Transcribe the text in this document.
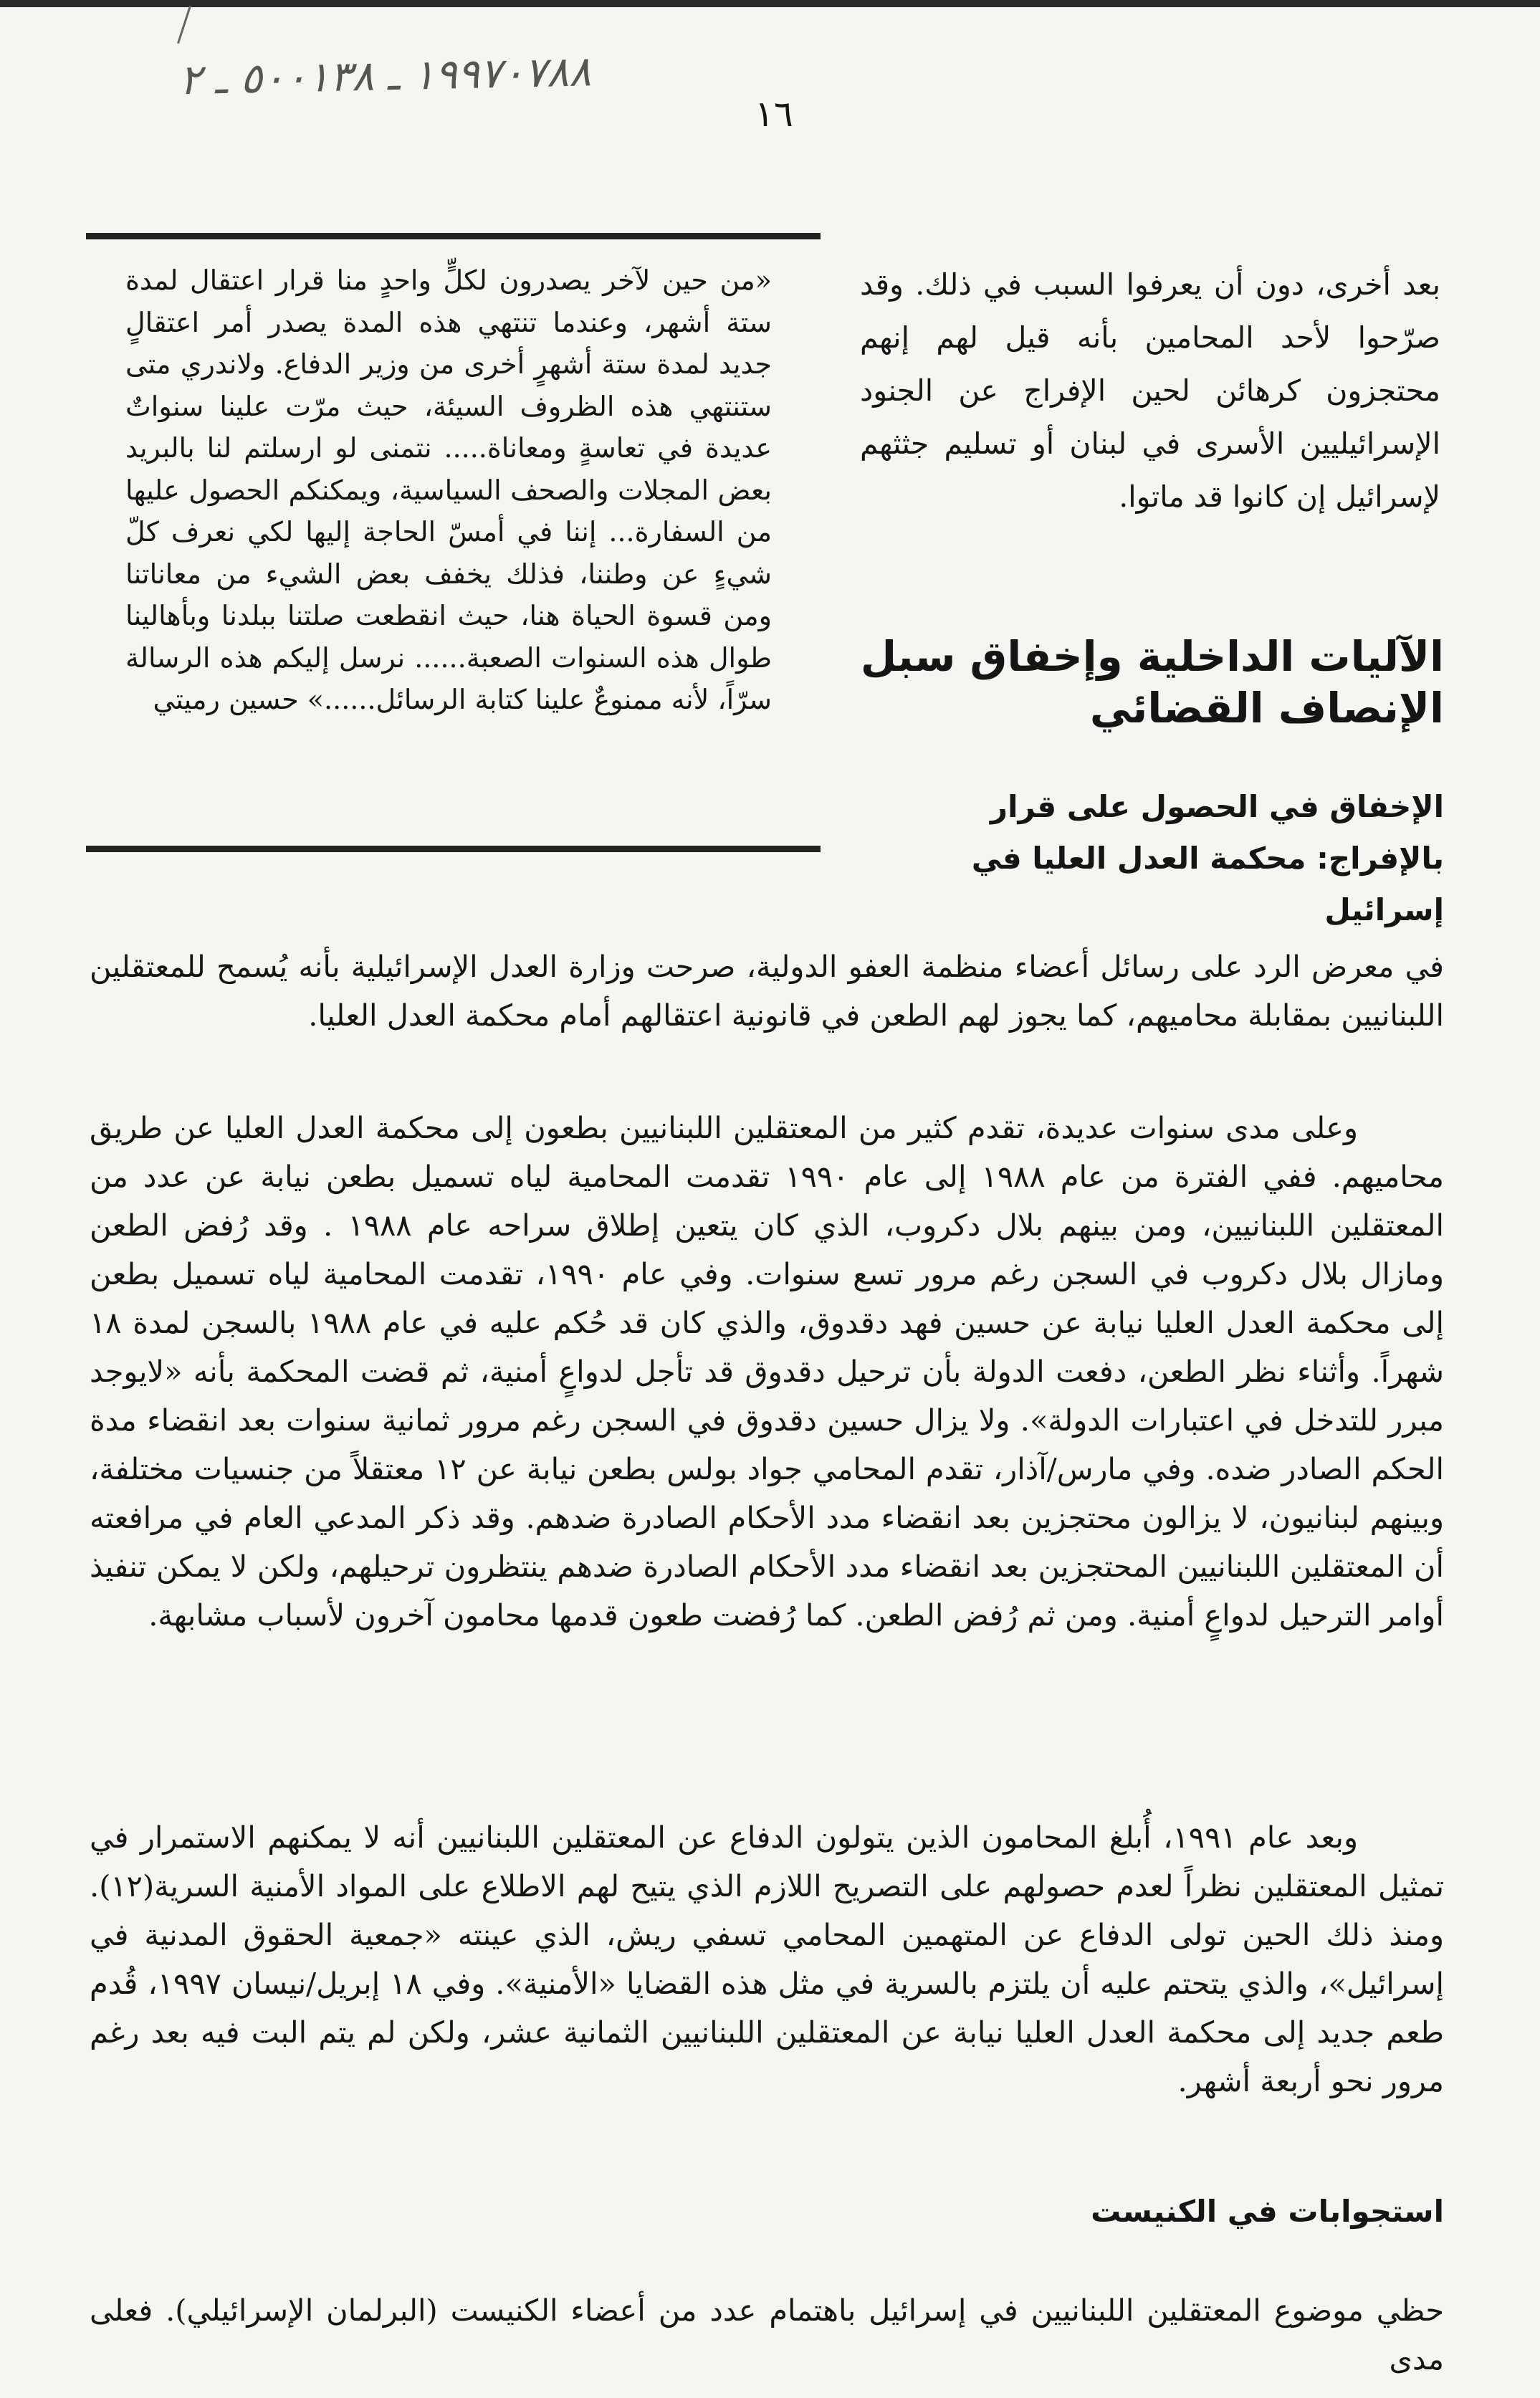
١٩٩٧٠٧٨٨ ـ ٥٠٠١٣٨ ـ ٢
١٦
بعد أخرى، دون أن يعرفوا السبب في ذلك. وقد صرّحوا لأحد المحامين بأنه قيل لهم إنهم محتجزون كرهائن لحين الإفراج عن الجنود الإسرائيليين الأسرى في لبنان أو تسليم جثثهم لإسرائيل إن كانوا قد ماتوا.
«من حين لآخر يصدرون لكلٍّ واحدٍ منا قرار اعتقال لمدة ستة أشهر، وعندما تنتهي هذه المدة يصدر أمر اعتقالٍ جديد لمدة ستة أشهرٍ أخرى من وزير الدفاع. ولاندري متى ستنتهي هذه الظروف السيئة، حيث مرّت علينا سنواتٌ عديدة في تعاسةٍ ومعاناة..... نتمنى لو ارسلتم لنا بالبريد بعض المجلات والصحف السياسية، ويمكنكم الحصول عليها من السفارة... إننا في أمسّ الحاجة إليها لكي نعرف كلّ شيءٍ عن وطننا، فذلك يخفف بعض الشيء من معاناتنا ومن قسوة الحياة هنا، حيث انقطعت صلتنا ببلدنا وبأهالينا طوال هذه السنوات الصعبة...... نرسل إليكم هذه الرسالة سرّاً، لأنه ممنوعٌ علينا كتابة الرسائل......» حسين رميتي
الآليات الداخلية وإخفاق سبل الإنصاف القضائي
الإخفاق في الحصول على قرار بالإفراج: محكمة العدل العليا في إسرائيل
في معرض الرد على رسائل أعضاء منظمة العفو الدولية، صرحت وزارة العدل الإسرائيلية بأنه يُسمح للمعتقلين اللبنانيين بمقابلة محاميهم، كما يجوز لهم الطعن في قانونية اعتقالهم أمام محكمة العدل العليا.
وعلى مدى سنوات عديدة، تقدم كثير من المعتقلين اللبنانيين بطعون إلى محكمة العدل العليا عن طريق محاميهم. ففي الفترة من عام ١٩٨٨ إلى عام ١٩٩٠ تقدمت المحامية لياه تسميل بطعن نيابة عن عدد من المعتقلين اللبنانيين، ومن بينهم بلال دكروب، الذي كان يتعين إطلاق سراحه عام ١٩٨٨ . وقد رُفض الطعن ومازال بلال دكروب في السجن رغم مرور تسع سنوات. وفي عام ١٩٩٠، تقدمت المحامية لياه تسميل بطعن إلى محكمة العدل العليا نيابة عن حسين فهد دقدوق، والذي كان قد حُكم عليه في عام ١٩٨٨ بالسجن لمدة ١٨ شهراً. وأثناء نظر الطعن، دفعت الدولة بأن ترحيل دقدوق قد تأجل لدواعٍ أمنية، ثم قضت المحكمة بأنه «لايوجد مبرر للتدخل في اعتبارات الدولة». ولا يزال حسين دقدوق في السجن رغم مرور ثمانية سنوات بعد انقضاء مدة الحكم الصادر ضده. وفي مارس/آذار، تقدم المحامي جواد بولس بطعن نيابة عن ١٢ معتقلاً من جنسيات مختلفة، وبينهم لبنانيون، لا يزالون محتجزين بعد انقضاء مدد الأحكام الصادرة ضدهم. وقد ذكر المدعي العام في مرافعته أن المعتقلين اللبنانيين المحتجزين بعد انقضاء مدد الأحكام الصادرة ضدهم ينتظرون ترحيلهم، ولكن لا يمكن تنفيذ أوامر الترحيل لدواعٍ أمنية. ومن ثم رُفض الطعن. كما رُفضت طعون قدمها محامون آخرون لأسباب مشابهة.
وبعد عام ١٩٩١، أُبلغ المحامون الذين يتولون الدفاع عن المعتقلين اللبنانيين أنه لا يمكنهم الاستمرار في تمثيل المعتقلين نظراً لعدم حصولهم على التصريح اللازم الذي يتيح لهم الاطلاع على المواد الأمنية السرية(١٢). ومنذ ذلك الحين تولى الدفاع عن المتهمين المحامي تسفي ريش، الذي عينته «جمعية الحقوق المدنية في إسرائيل»، والذي يتحتم عليه أن يلتزم بالسرية في مثل هذه القضايا «الأمنية». وفي ١٨ إبريل/نيسان ١٩٩٧، قُدم طعم جديد إلى محكمة العدل العليا نيابة عن المعتقلين اللبنانيين الثمانية عشر، ولكن لم يتم البت فيه بعد رغم مرور نحو أربعة أشهر.
استجوابات في الكنيست
حظي موضوع المعتقلين اللبنانيين في إسرائيل باهتمام عدد من أعضاء الكنيست (البرلمان الإسرائيلي). فعلى مدى
